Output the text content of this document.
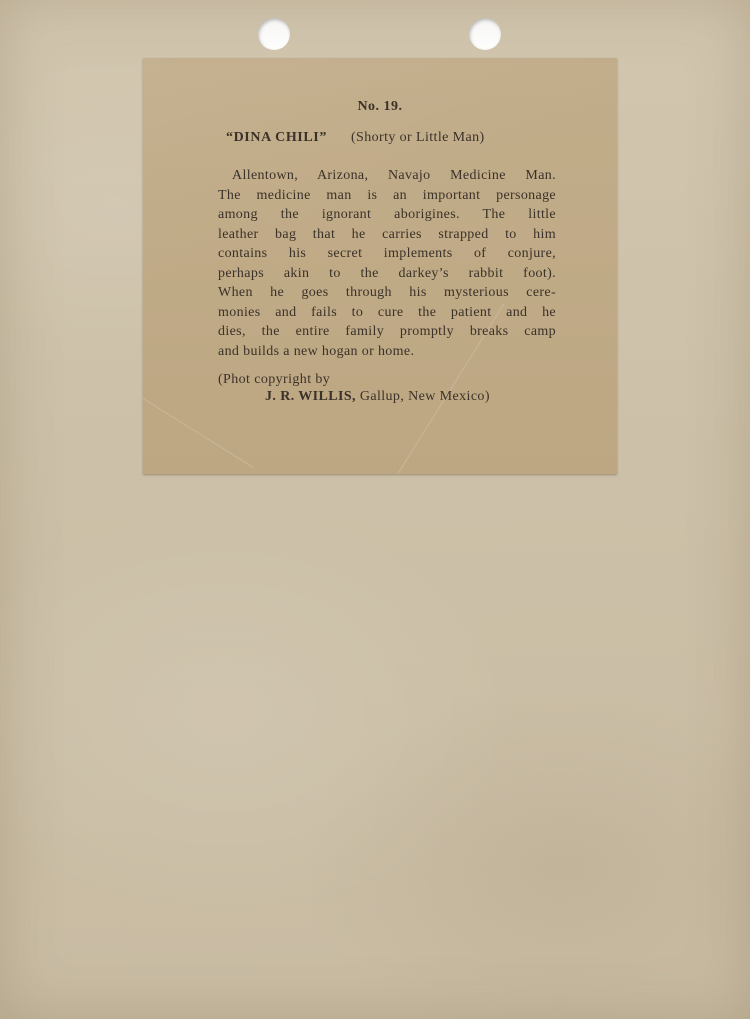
No. 19.

“DINA CHILI” (Shorty or Little Man)

Allentown, Arizona, Navajo Medicine Man.
The medicine man is an important personage
among the ignorant aborigines. The little
leather bag that he carries strapped to him
contains his secret implements of conjure,
perhaps akin to the darkey’s rabbit foot).
When he goes through his mysterious cere-
monies and fails to cure the patient and he
dies, the entire family promptly breaks camp
and builds a new hogan or home.

(Phot copyright by

J. R. WILLIS, Gallup, New Mexico)
